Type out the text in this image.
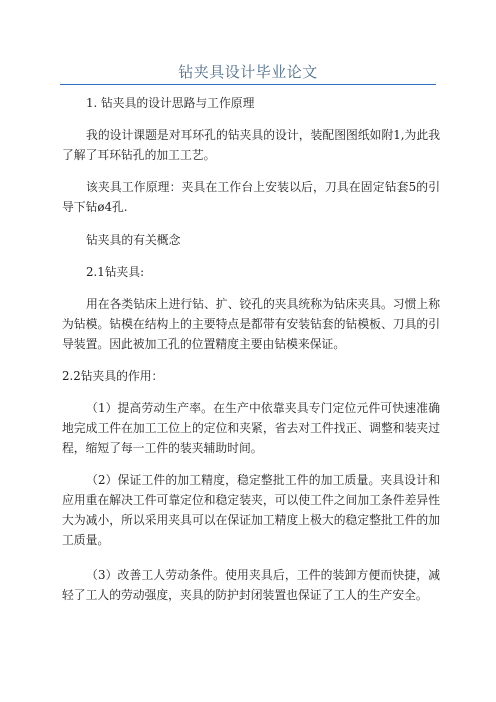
钻夹具设计毕业论文

1. 钻夹具的设计思路与工作原理

我的设计课题是对耳环孔的钻夹具的设计，装配图图纸如附1,为此我了解了耳环钻孔的加工工艺。

该夹具工作原理：夹具在工作台上安装以后，刀具在固定钻套5的引导下钻ø4孔.

钻夹具的有关概念

2.1钻夹具:

用在各类钻床上进行钻、扩、铰孔的夹具统称为钻床夹具。习惯上称为钻模。钻模在结构上的主要特点是都带有安装钻套的钻模板、刀具的引导装置。因此被加工孔的位置精度主要由钻模来保证。

2.2钻夹具的作用：

（1）提高劳动生产率。在生产中依靠夹具专门定位元件可快速准确地完成工件在加工工位上的定位和夹紧，省去对工件找正、调整和装夹过程，缩短了每一工件的装夹辅助时间。

（2）保证工件的加工精度，稳定整批工件的加工质量。夹具设计和应用重在解决工件可靠定位和稳定装夹，可以使工件之间加工条件差异性大为减小，所以采用夹具可以在保证加工精度上极大的稳定整批工件的加工质量。

（3）改善工人劳动条件。使用夹具后，工件的装卸方便而快捷，减轻了工人的劳动强度，夹具的防护封闭装置也保证了工人的生产安全。
